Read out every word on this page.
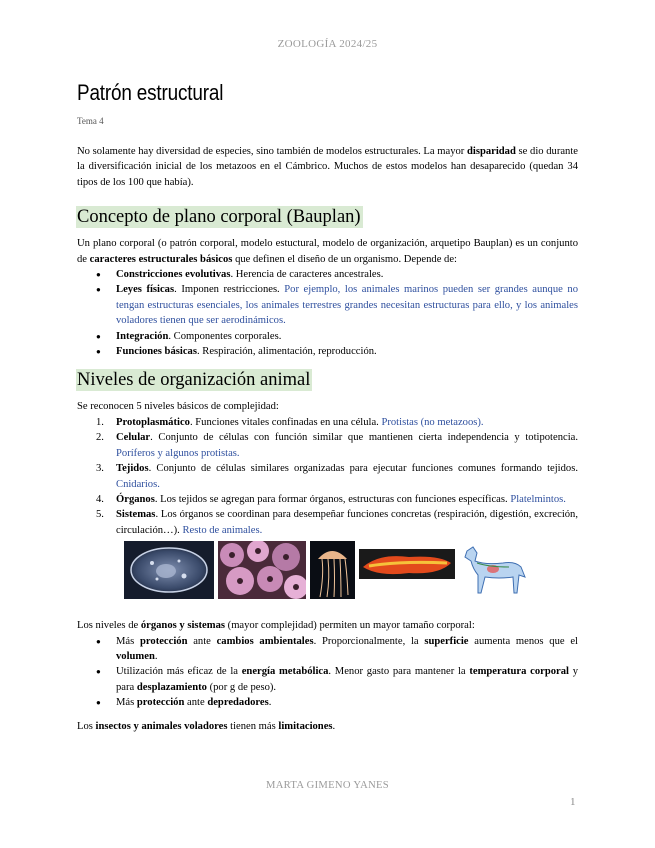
ZOOLOGÍA 2024/25
Patrón estructural
Tema 4

No solamente hay diversidad de especies, sino también de modelos estructurales. La mayor disparidad se dio durante la diversificación inicial de los metazoos en el Cámbrico. Muchos de estos modelos han desaparecido (quedan 34 tipos de los 100 que había).

Concepto de plano corporal (Bauplan)

Un plano corporal (o patrón corporal, modelo estuctural, modelo de organización, arquetipo Bauplan) es un conjunto de caracteres estructurales básicos que definen el diseño de un organismo. Depende de:

● Constricciones evolutivas. Herencia de caracteres ancestrales.
● Leyes físicas. Imponen restricciones. Por ejemplo, los animales marinos pueden ser grandes aunque no tengan estructuras esenciales, los animales terrestres grandes necesitan estructuras para ello, y los animales voladores tienen que ser aerodinámicos.
● Integración. Componentes corporales.
● Funciones básicas. Respiración, alimentación, reproducción.
Niveles de organización animal

Se reconocen 5 niveles básicos de complejidad:

1. Protoplasmático. Funciones vitales confinadas en una célula. Protistas (no metazoos).
2. Celular. Conjunto de células con función similar que mantienen cierta independencia y totipotencia. Poríferos y algunos protistas.
3. Tejidos. Conjunto de células similares organizadas para ejecutar funciones comunes formando tejidos. Cnidarios.
4. Órganos. Los tejidos se agregan para formar órganos, estructuras con funciones específicas. Platelmintos.
5. Sistemas. Los órganos se coordinan para desempeñar funciones concretas (respiración, digestión, excreción, circulación…). Resto de animales.

Los niveles de órganos y sistemas (mayor complejidad) permiten un mayor tamaño corporal:

● Más protección ante cambios ambientales. Proporcionalmente, la superficie aumenta menos que el volumen.
● Utilización más eficaz de la energía metabólica. Menor gasto para mantener la temperatura corporal y para desplazamiento (por g de peso).
● Más protección ante depredadores.

Los insectos y animales voladores tienen más limitaciones.

MARTA GIMENO YANES
1
